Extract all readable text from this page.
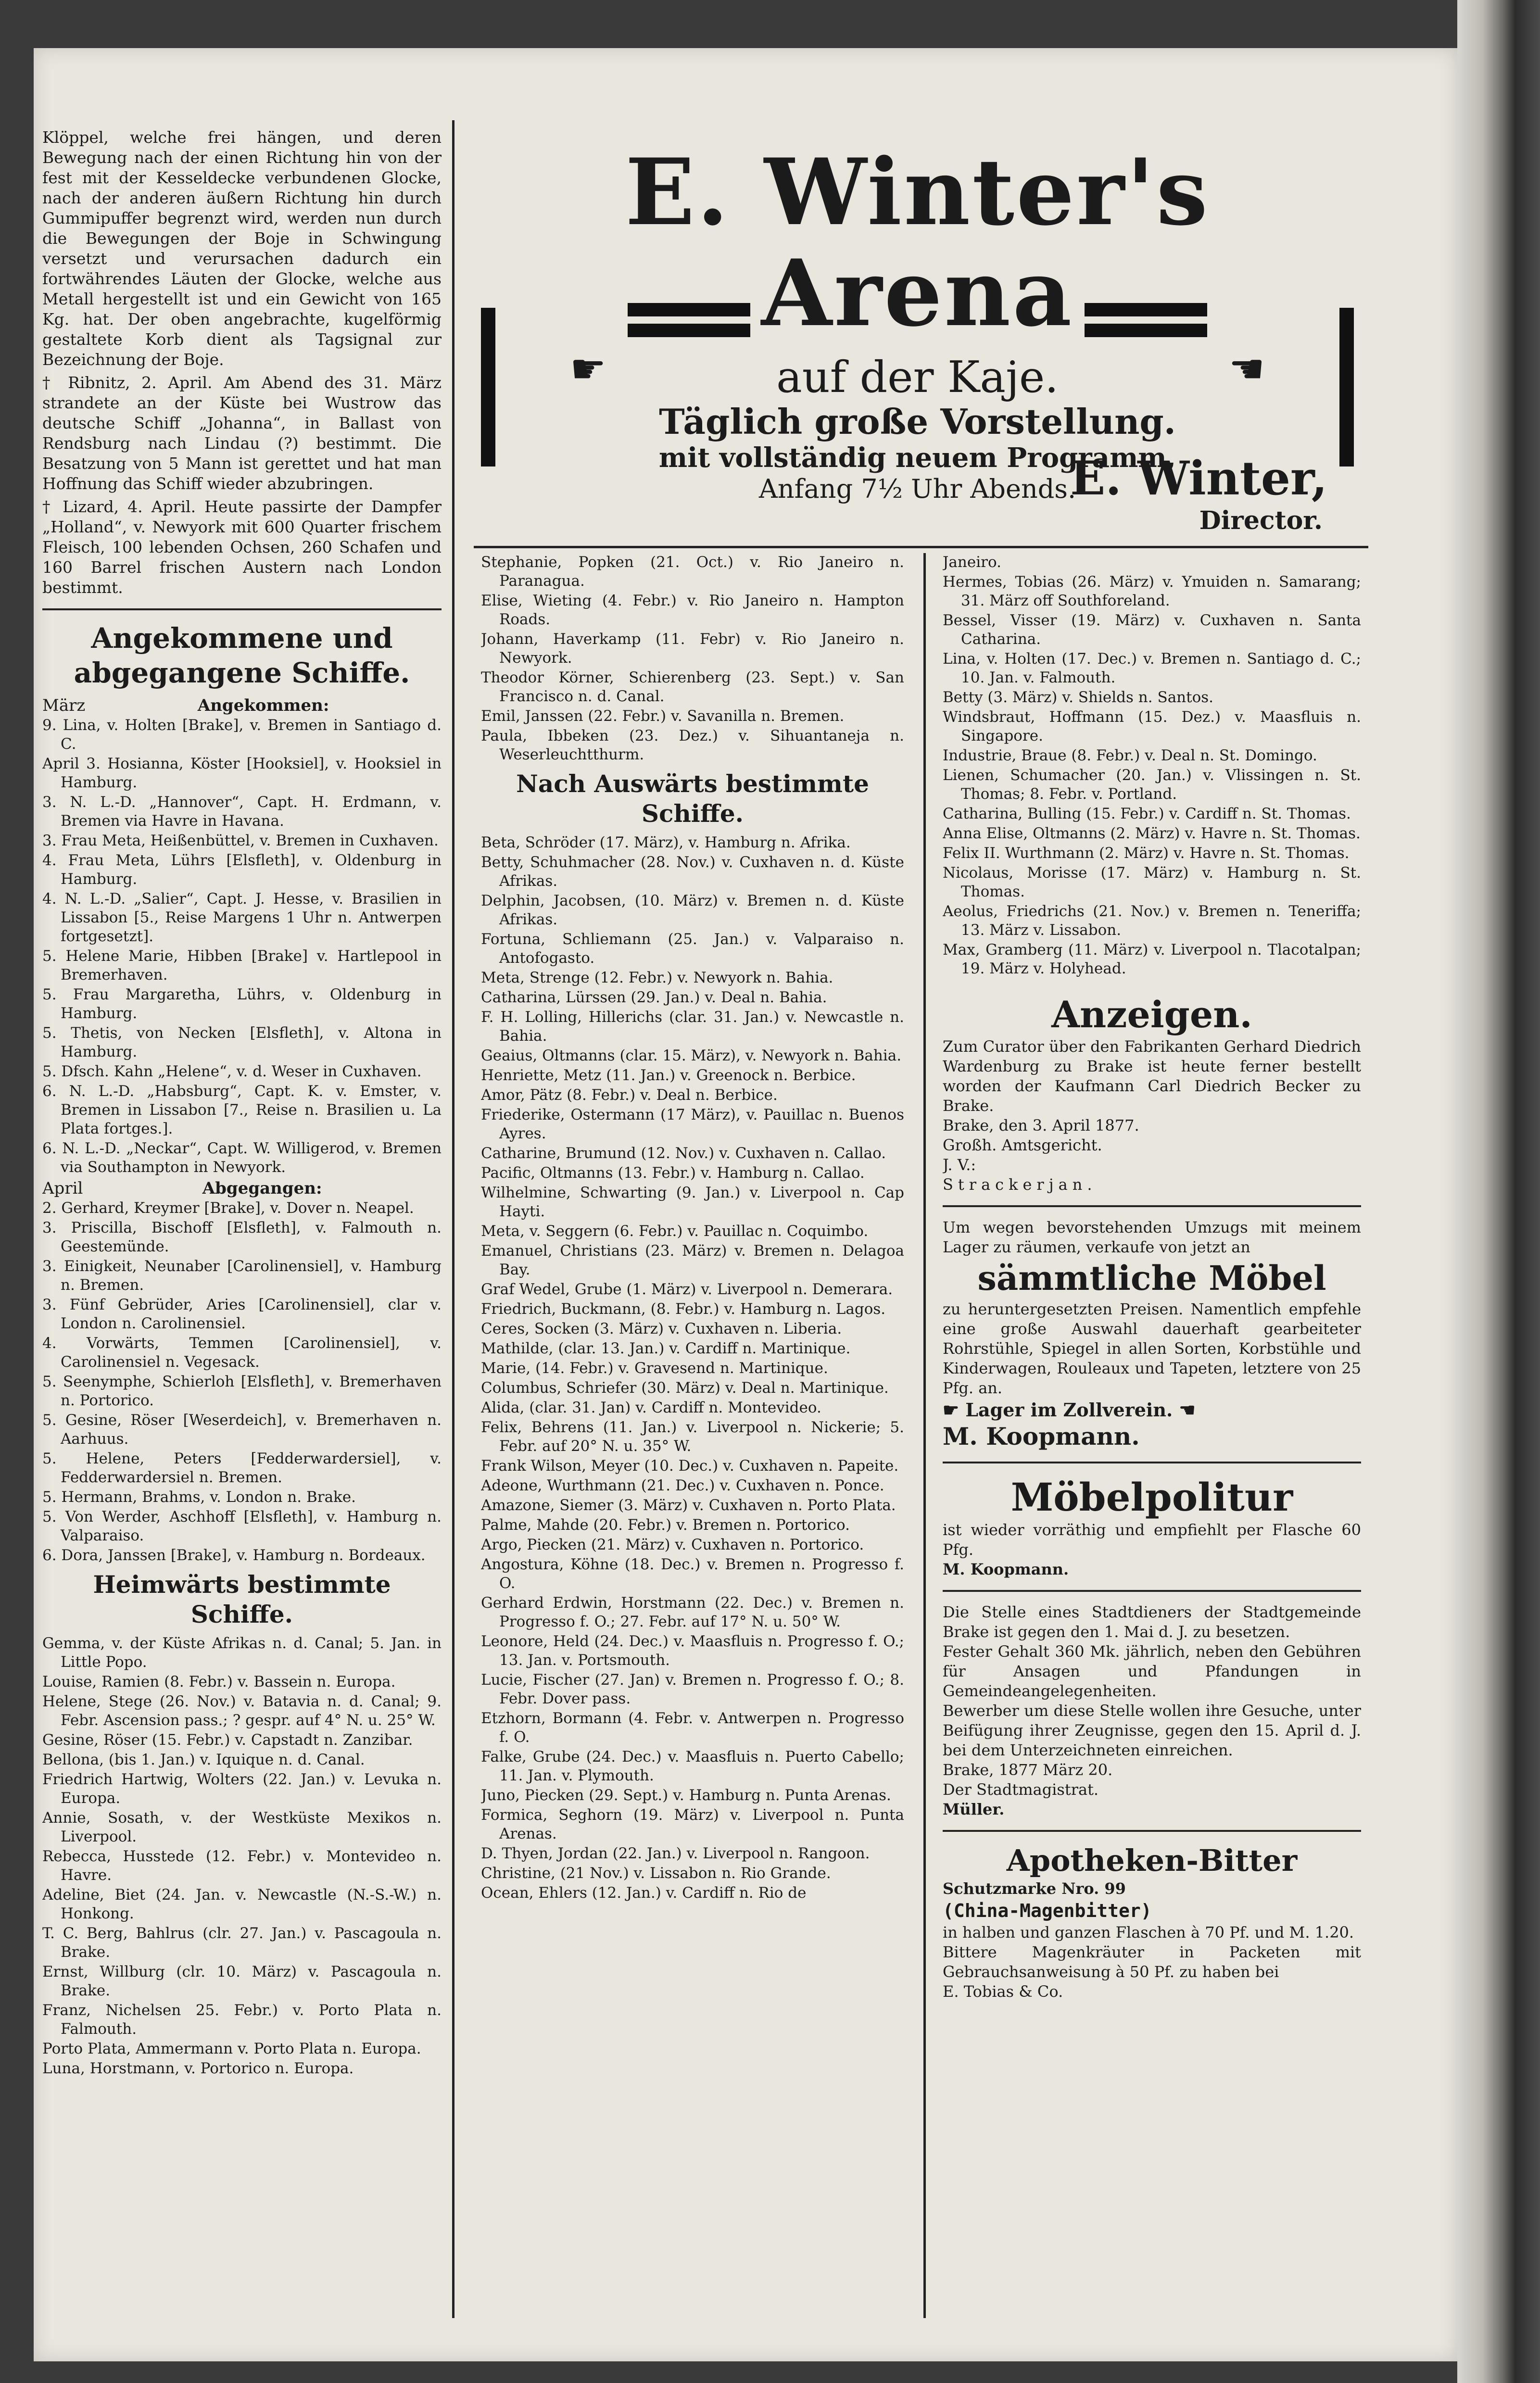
Klöppel, welche frei hängen, und deren Bewegung nach der einen Richtung hin von der fest mit der Kesseldecke verbundenen Glocke, nach der anderen äußern Richtung hin durch Gummipuffer begrenzt wird, werden nun durch die Bewegungen der Boje in Schwingung versetzt und verursachen dadurch ein fortwährendes Läuten der Glocke, welche aus Metall hergestellt ist und ein Gewicht von 165 Kg. hat. Der oben angebrachte, kugelförmig gestaltete Korb dient als Tagsignal zur Bezeichnung der Boje.

† Ribnitz, 2. April. Am Abend des 31. März strandete an der Küste bei Wustrow das deutsche Schiff „Johanna“, in Ballast von Rendsburg nach Lindau (?) bestimmt. Die Besatzung von 5 Mann ist gerettet und hat man Hoffnung das Schiff wieder abzubringen.

† Lizard, 4. April. Heute passirte der Dampfer „Holland“, v. Newyork mit 600 Quarter frischem Fleisch, 100 lebenden Ochsen, 260 Schafen und 160 Barrel frischen Austern nach London bestimmt.

Angekommene und abgegangene Schiffe.
März	Angekommen:
9. Lina, v. Holten [Brake], v. Bremen in Santiago d. C.
April 3. Hosianna, Köster [Hooksiel], v. Hooksiel in Hamburg.
3. N. L.-D. „Hannover“, Capt. H. Erdmann, v. Bremen via Havre in Havana.
3. Frau Meta, Heißenbüttel, v. Bremen in Cuxhaven.
4. Frau Meta, Lührs [Elsfleth], v. Oldenburg in Hamburg.
4. N. L.-D. „Salier“, Capt. J. Hesse, v. Brasilien in Lissabon [5., Reise Margens 1 Uhr n. Antwerpen fortgesetzt].
5. Helene Marie, Hibben [Brake] v. Hartlepool in Bremerhaven.
5. Frau Margaretha, Lührs, v. Oldenburg in Hamburg.
5. Thetis, von Necken [Elsfleth], v. Altona in Hamburg.
5. Dfsch. Kahn „Helene“, v. d. Weser in Cuxhaven.
6. N. L.-D. „Habsburg“, Capt. K. v. Emster, v. Bremen in Lissabon [7., Reise n. Brasilien u. La Plata fortges.].
6. N. L.-D. „Neckar“, Capt. W. Willigerod, v. Bremen via Southampton in Newyork.
April	Abgegangen:
2. Gerhard, Kreymer [Brake], v. Dover n. Neapel.
3. Priscilla, Bischoff [Elsfleth], v. Falmouth n. Geestemünde.
3. Einigkeit, Neunaber [Carolinensiel], v. Hamburg n. Bremen.
3. Fünf Gebrüder, Aries [Carolinensiel], clar v. London n. Carolinensiel.
4. Vorwärts, Temmen [Carolinensiel], v. Carolinensiel n. Vegesack.
5. Seenymphe, Schierloh [Elsfleth], v. Bremerhaven n. Portorico.
5. Gesine, Röser [Weserdeich], v. Bremerhaven n. Aarhuus.
5. Helene, Peters [Fedderwardersiel], v. Fedderwardersiel n. Bremen.
5. Hermann, Brahms, v. London n. Brake.
5. Von Werder, Aschhoff [Elsfleth], v. Hamburg n. Valparaiso.
6. Dora, Janssen [Brake], v. Hamburg n. Bordeaux.
Heimwärts bestimmte Schiffe.
Gemma, v. der Küste Afrikas n. d. Canal; 5. Jan. in Little Popo.
Louise, Ramien (8. Febr.) v. Bassein n. Europa.
Helene, Stege (26. Nov.) v. Batavia n. d. Canal; 9. Febr. Ascension pass.; ? gespr. auf 4° N. u. 25° W.
Gesine, Röser (15. Febr.) v. Capstadt n. Zanzibar.
Bellona, (bis 1. Jan.) v. Iquique n. d. Canal.
Friedrich Hartwig, Wolters (22. Jan.) v. Levuka n. Europa.
Annie, Sosath, v. der Westküste Mexikos n. Liverpool.
Rebecca, Husstede (12. Febr.) v. Montevideo n. Havre.
Adeline, Biet (24. Jan. v. Newcastle (N.-S.-W.) n. Honkong.
T. C. Berg, Bahlrus (clr. 27. Jan.) v. Pascagoula n. Brake.
Ernst, Willburg (clr. 10. März) v. Pascagoula n. Brake.
Franz, Nichelsen 25. Febr.) v. Porto Plata n. Falmouth.
Porto Plata, Ammermann v. Porto Plata n. Europa.
Luna, Horstmann, v. Portorico n. Europa.
E. Winter's Arena
auf der Kaje.
☛	☚
Täglich große Vorstellung.
mit vollständig neuem Programm,
Anfang 7½ Uhr Abends.
E. Winter,
Director.
Stephanie, Popken (21. Oct.) v. Rio Janeiro n. Paranagua.
Elise, Wieting (4. Febr.) v. Rio Janeiro n. Hampton Roads.
Johann, Haverkamp (11. Febr) v. Rio Janeiro n. Newyork.
Theodor Körner, Schierenberg (23. Sept.) v. San Francisco n. d. Canal.
Emil, Janssen (22. Febr.) v. Savanilla n. Bremen.
Paula, Ibbeken (23. Dez.) v. Sihuantaneja n. Weserleuchtthurm.
Nach Auswärts bestimmte Schiffe.
Beta, Schröder (17. März), v. Hamburg n. Afrika.
Betty, Schuhmacher (28. Nov.) v. Cuxhaven n. d. Küste Afrikas.
Delphin, Jacobsen, (10. März) v. Bremen n. d. Küste Afrikas.
Fortuna, Schliemann (25. Jan.) v. Valparaiso n. Antofogasto.
Meta, Strenge (12. Febr.) v. Newyork n. Bahia.
Catharina, Lürssen (29. Jan.) v. Deal n. Bahia.
F. H. Lolling, Hillerichs (clar. 31. Jan.) v. Newcastle n. Bahia.
Geaius, Oltmanns (clar. 15. März), v. Newyork n. Bahia.
Henriette, Metz (11. Jan.) v. Greenock n. Berbice.
Amor, Pätz (8. Febr.) v. Deal n. Berbice.
Friederike, Ostermann (17 März), v. Pauillac n. Buenos Ayres.
Catharine, Brumund (12. Nov.) v. Cuxhaven n. Callao.
Pacific, Oltmanns (13. Febr.) v. Hamburg n. Callao.
Wilhelmine, Schwarting (9. Jan.) v. Liverpool n. Cap Hayti.
Meta, v. Seggern (6. Febr.) v. Pauillac n. Coquimbo.
Emanuel, Christians (23. März) v. Bremen n. Delagoa Bay.
Graf Wedel, Grube (1. März) v. Liverpool n. Demerara.
Friedrich, Buckmann, (8. Febr.) v. Hamburg n. Lagos.
Ceres, Socken (3. März) v. Cuxhaven n. Liberia.
Mathilde, (clar. 13. Jan.) v. Cardiff n. Martinique.
Marie, (14. Febr.) v. Gravesend n. Martinique.
Columbus, Schriefer (30. März) v. Deal n. Martinique.
Alida, (clar. 31. Jan) v. Cardiff n. Montevideo.
Felix, Behrens (11. Jan.) v. Liverpool n. Nickerie; 5. Febr. auf 20° N. u. 35° W.
Frank Wilson, Meyer (10. Dec.) v. Cuxhaven n. Papeite.
Adeone, Wurthmann (21. Dec.) v. Cuxhaven n. Ponce.
Amazone, Siemer (3. März) v. Cuxhaven n. Porto Plata.
Palme, Mahde (20. Febr.) v. Bremen n. Portorico.
Argo, Piecken (21. März) v. Cuxhaven n. Portorico.
Angostura, Köhne (18. Dec.) v. Bremen n. Progresso f. O.
Gerhard Erdwin, Horstmann (22. Dec.) v. Bremen n. Progresso f. O.; 27. Febr. auf 17° N. u. 50° W.
Leonore, Held (24. Dec.) v. Maasfluis n. Progresso f. O.; 13. Jan. v. Portsmouth.
Lucie, Fischer (27. Jan) v. Bremen n. Progresso f. O.; 8. Febr. Dover pass.
Etzhorn, Bormann (4. Febr. v. Antwerpen n. Progresso f. O.
Falke, Grube (24. Dec.) v. Maasfluis n. Puerto Cabello; 11. Jan. v. Plymouth.
Juno, Piecken (29. Sept.) v. Hamburg n. Punta Arenas.
Formica, Seghorn (19. März) v. Liverpool n. Punta Arenas.
D. Thyen, Jordan (22. Jan.) v. Liverpool n. Rangoon.
Christine, (21 Nov.) v. Lissabon n. Rio Grande.
Ocean, Ehlers (12. Jan.) v. Cardiff n. Rio de
Janeiro.
Hermes, Tobias (26. März) v. Ymuiden n. Samarang; 31. März off Southforeland.
Bessel, Visser (19. März) v. Cuxhaven n. Santa Catharina.
Lina, v. Holten (17. Dec.) v. Bremen n. Santiago d. C.; 10. Jan. v. Falmouth.
Betty (3. März) v. Shields n. Santos.
Windsbraut, Hoffmann (15. Dez.) v. Maasfluis n. Singapore.
Industrie, Braue (8. Febr.) v. Deal n. St. Domingo.
Lienen, Schumacher (20. Jan.) v. Vlissingen n. St. Thomas; 8. Febr. v. Portland.
Catharina, Bulling (15. Febr.) v. Cardiff n. St. Thomas.
Anna Elise, Oltmanns (2. März) v. Havre n. St. Thomas.
Felix II. Wurthmann (2. März) v. Havre n. St. Thomas.
Nicolaus, Morisse (17. März) v. Hamburg n. St. Thomas.
Aeolus, Friedrichs (21. Nov.) v. Bremen n. Teneriffa; 13. März v. Lissabon.
Max, Gramberg (11. März) v. Liverpool n. Tlacotalpan; 19. März v. Holyhead.
Anzeigen.

Zum Curator über den Fabrikanten Gerhard Diedrich Wardenburg zu Brake ist heute ferner bestellt worden der Kaufmann Carl Diedrich Becker zu Brake.

Brake, den 3. April 1877.

Großh. Amtsgericht.

J. V.:

Strackerjan.

Um wegen bevorstehenden Umzugs mit meinem Lager zu räumen, verkaufe von jetzt an

sämmtliche Möbel

zu heruntergesetzten Preisen. Namentlich empfehle eine große Auswahl dauerhaft gearbeiteter Rohrstühle, Spiegel in allen Sorten, Korbstühle und Kinderwagen, Rouleaux und Tapeten, letztere von 25 Pfg. an.

☛ Lager im Zollverein. ☚

M. Koopmann.

Möbelpolitur

ist wieder vorräthig und empfiehlt per Flasche 60 Pfg.

M. Koopmann.

Die Stelle eines Stadtdieners der Stadtgemeinde Brake ist gegen den 1. Mai d. J. zu besetzen.

Fester Gehalt 360 Mk. jährlich, neben den Gebühren für Ansagen und Pfandungen in Gemeindeangelegenheiten.

Bewerber um diese Stelle wollen ihre Gesuche, unter Beifügung ihrer Zeugnisse, gegen den 15. April d. J. bei dem Unterzeichneten einreichen.

Brake, 1877 März 20.

Der Stadtmagistrat.

Müller.

Apotheken-Bitter

Schutzmarke Nro. 99

(China-Magenbitter)

in halben und ganzen Flaschen à 70 Pf. und M. 1.20.

Bittere Magenkräuter in Packeten mit Gebrauchsanweisung à 50 Pf. zu haben bei

E. Tobias & Co.
